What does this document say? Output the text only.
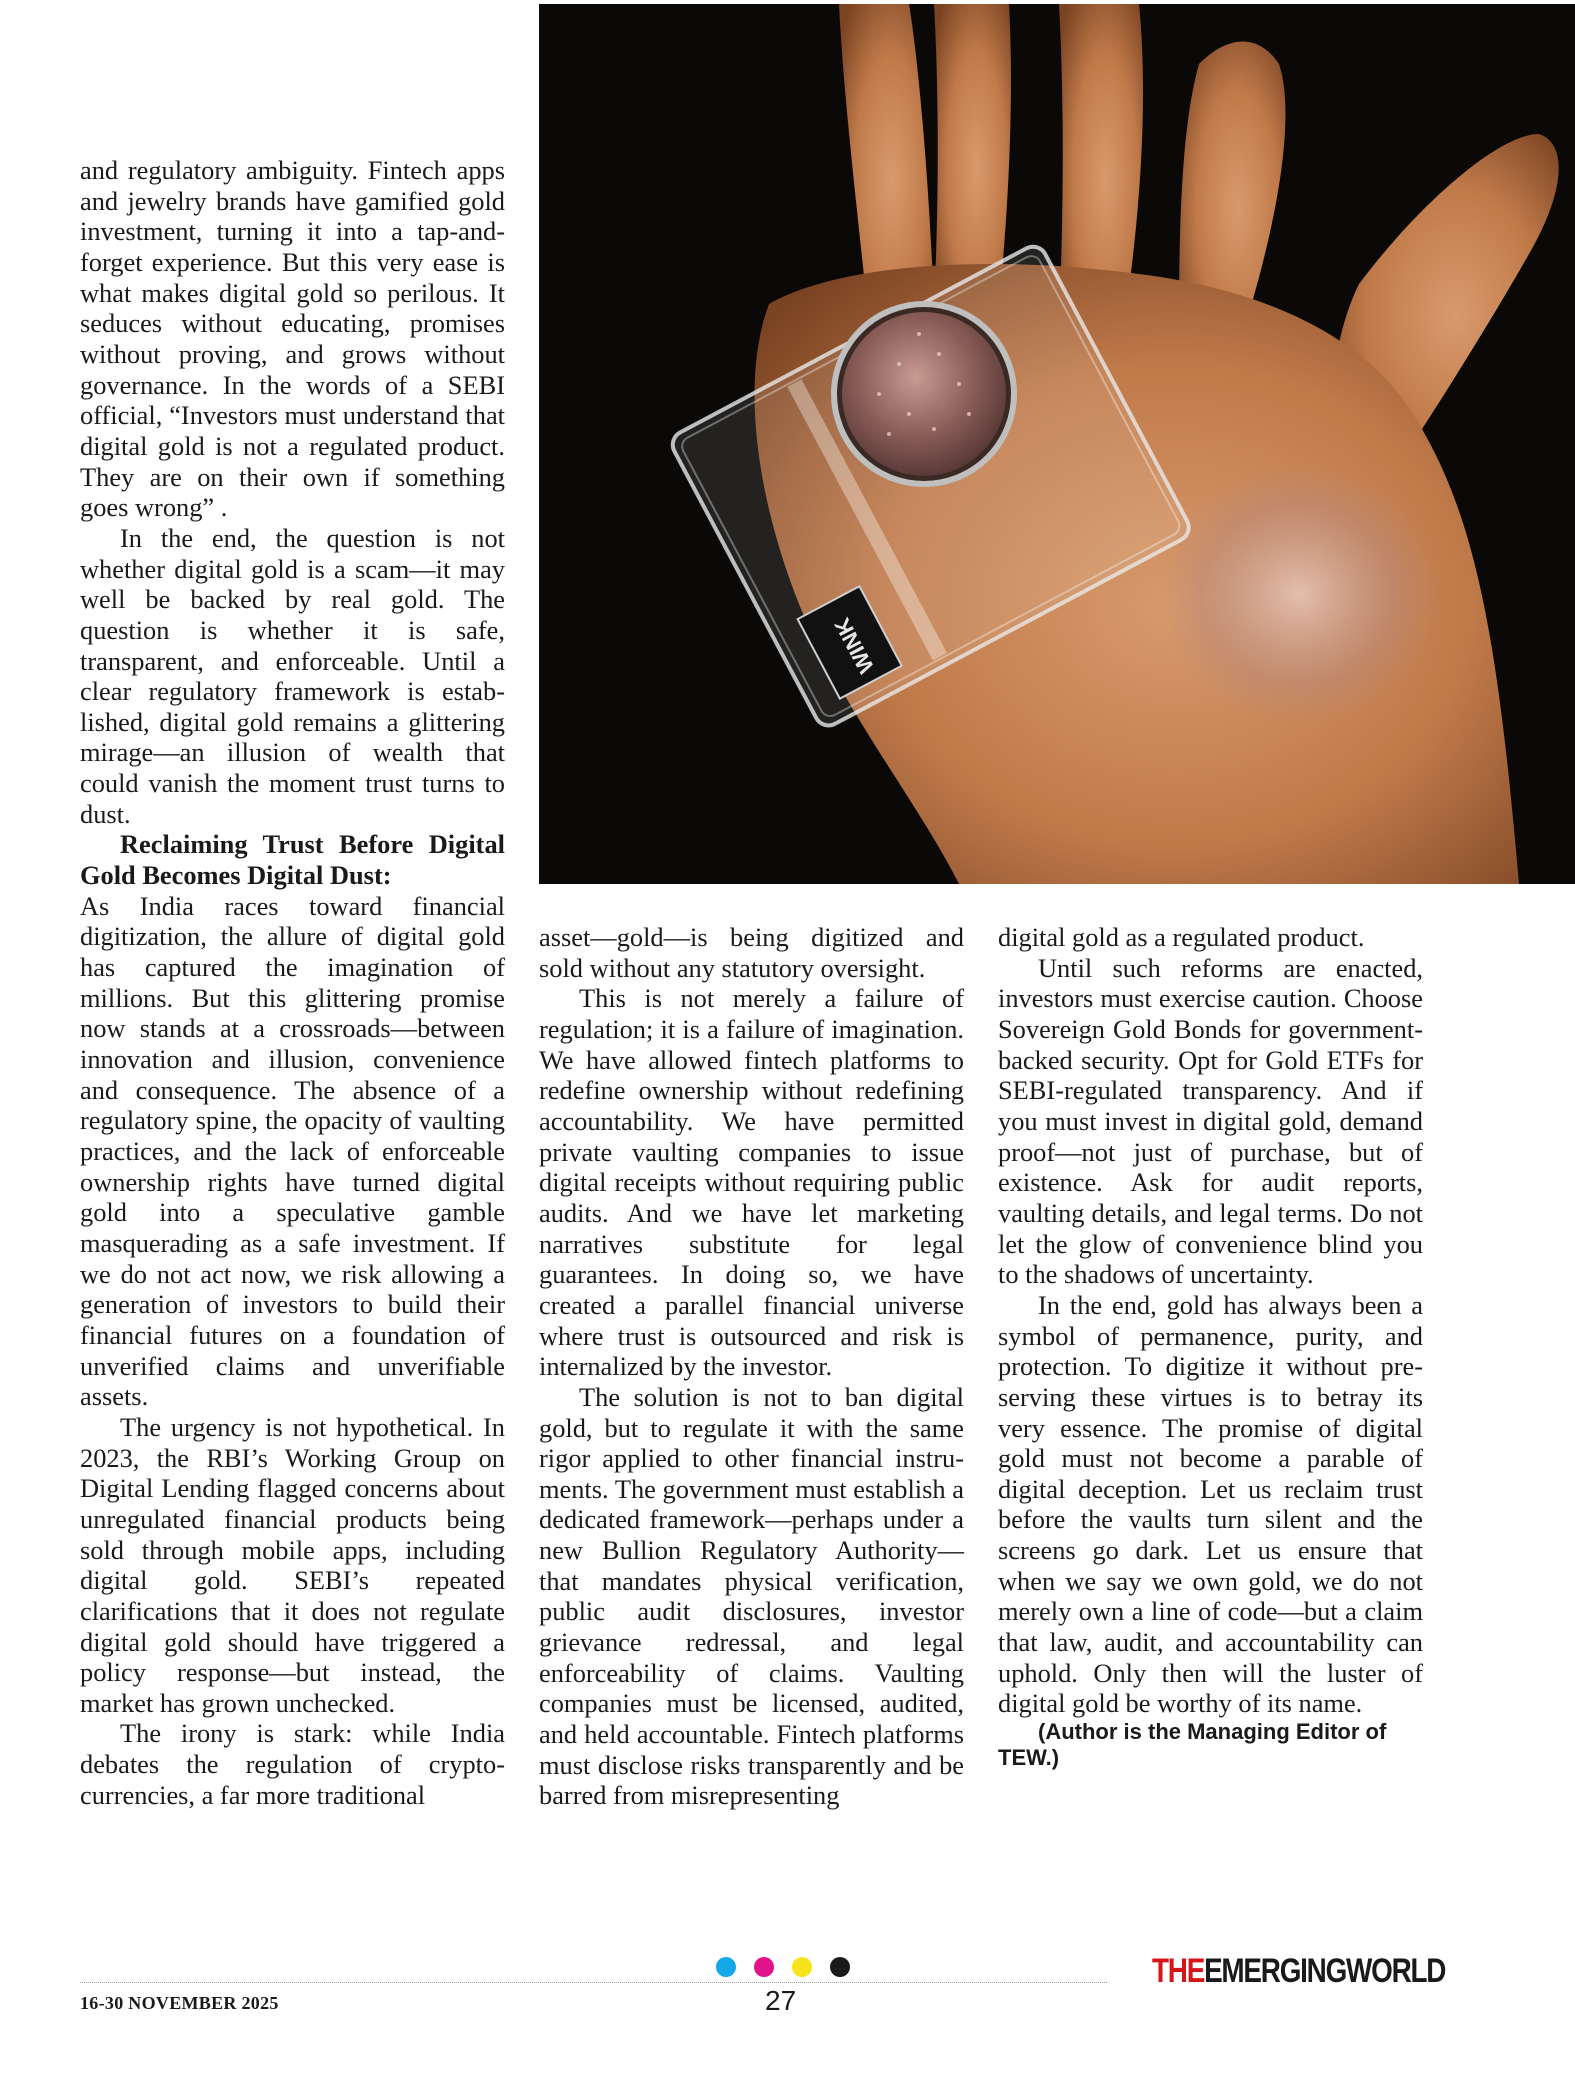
and regulatory ambiguity. Fintech apps and jewelry brands have gamified gold investment, turning it into a tap-and-forget experience. But this very ease is what makes digital gold so perilous. It seduces without educating, promises without proving, and grows without governance. In the words of a SEBI official, “Investors must understand that digital gold is not a regulated product. They are on their own if something goes wrong” .

In the end, the question is not whether digital gold is a scam—it may well be backed by real gold. The question is whether it is safe, transparent, and enforceable. Until a clear regulatory framework is established, digital gold remains a glittering mirage—an illusion of wealth that could vanish the moment trust turns to dust.

Reclaiming Trust Before Digital Gold Becomes Digital Dust:

As India races toward financial digitization, the allure of digital gold has captured the imagination of millions. But this glittering promise now stands at a crossroads—between innovation and illusion, convenience and consequence. The absence of a regulatory spine, the opacity of vaulting practices, and the lack of enforceable ownership rights have turned digital gold into a speculative gamble masquerading as a safe investment. If we do not act now, we risk allowing a generation of investors to build their financial futures on a foundation of unverified claims and unverifiable assets.

The urgency is not hypothetical. In 2023, the RBI’s Working Group on Digital Lending flagged concerns about unregulated financial products being sold through mobile apps, including digital gold. SEBI’s repeated clarifications that it does not regulate digital gold should have triggered a policy response—but instead, the market has grown unchecked.

The irony is stark: while India debates the regulation of cryptocurrencies, a far more traditional

WINK

asset—gold—is being digitized and sold without any statutory oversight.

This is not merely a failure of regulation; it is a failure of imagination. We have allowed fintech platforms to redefine ownership without redefining accountability. We have permitted private vaulting companies to issue digital receipts without requiring public audits. And we have let marketing narratives substitute for legal guarantees. In doing so, we have created a parallel financial universe where trust is outsourced and risk is internalized by the investor.

The solution is not to ban digital gold, but to regulate it with the same rigor applied to other financial instruments. The government must establish a dedicated framework—perhaps under a new Bullion Regulatory Authority—that mandates physical verification, public audit disclosures, investor grievance redressal, and legal enforceability of claims. Vaulting companies must be licensed, audited, and held accountable. Fintech platforms must disclose risks transparently and be barred from misrepresenting

digital gold as a regulated product.

Until such reforms are enacted, investors must exercise caution. Choose Sovereign Gold Bonds for government-backed security. Opt for Gold ETFs for SEBI-regulated transparency. And if you must invest in digital gold, demand proof—not just of purchase, but of existence. Ask for audit reports, vaulting details, and legal terms. Do not let the glow of convenience blind you to the shadows of uncertainty.

In the end, gold has always been a symbol of permanence, purity, and protection. To digitize it without preserving these virtues is to betray its very essence. The promise of digital gold must not become a parable of digital deception. Let us reclaim trust before the vaults turn silent and the screens go dark. Let us ensure that when we say we own gold, we do not merely own a line of code—but a claim that law, audit, and accountability can uphold. Only then will the luster of digital gold be worthy of its name.

(Author is the Managing Editor of TEW.)

16-30 NOVEMBER 2025	27
THEEMERGINGWORLD
